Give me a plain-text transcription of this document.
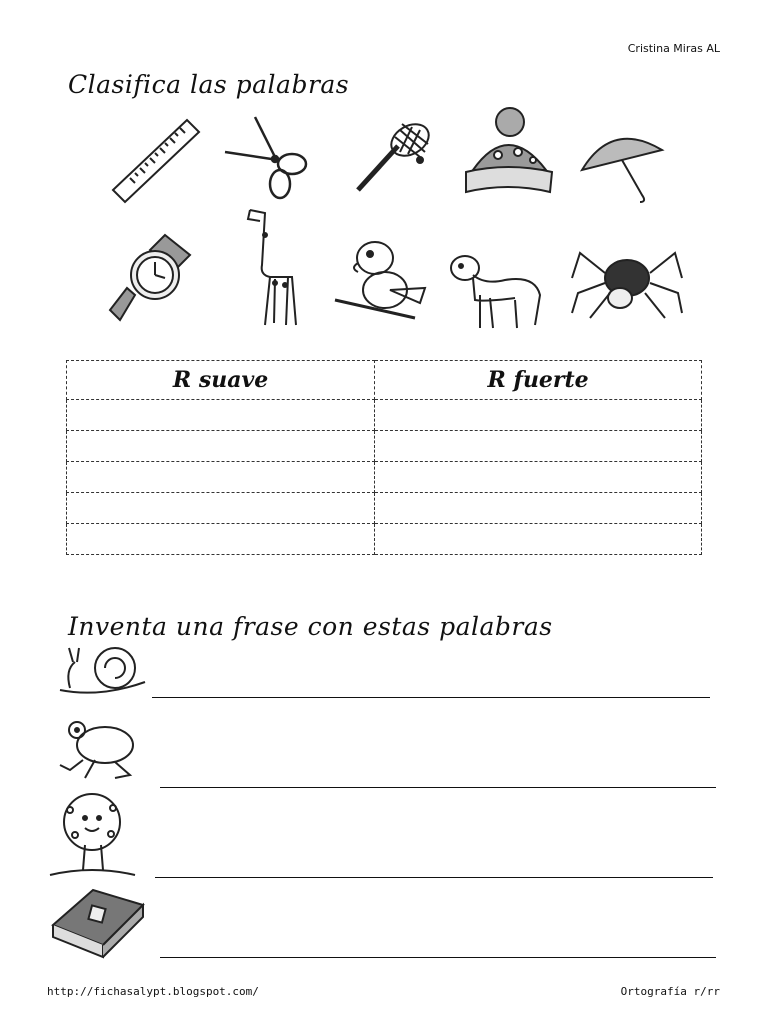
Cristina Miras AL
Clasifica las palabras
R suave	R fuerte

Inventa una frase con estas palabras
http://fichasalypt.blogspot.com/	Ortografía r/rr
